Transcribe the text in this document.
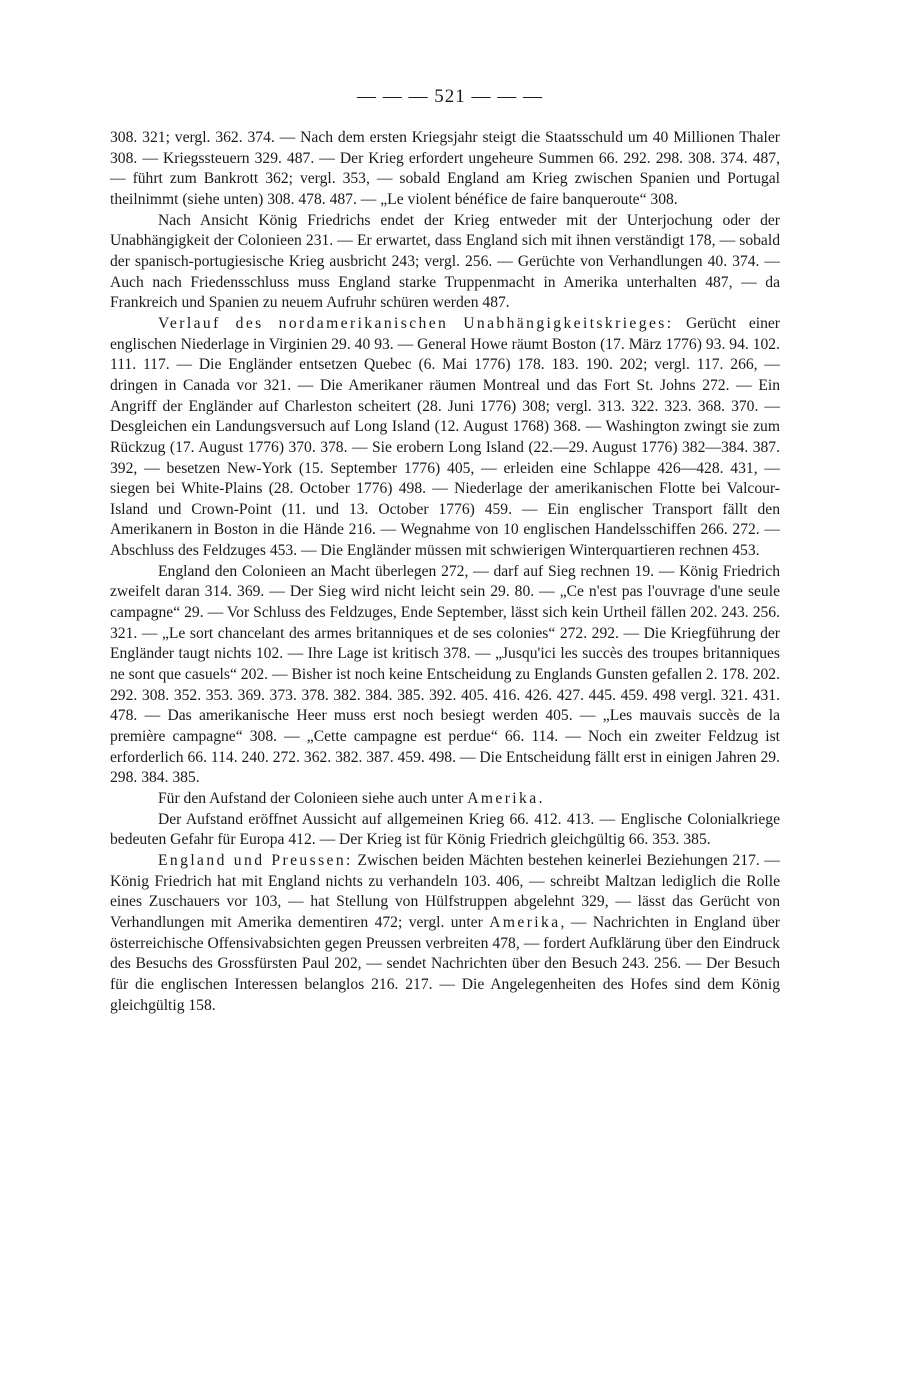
— — — 521 — — —

308. 321; vergl. 362. 374. — Nach dem ersten Kriegsjahr steigt die Staatsschuld um 40 Millionen Thaler 308. — Kriegssteuern 329. 487. — Der Krieg erfordert ungeheure Summen 66. 292. 298. 308. 374. 487, — führt zum Bankrott 362; vergl. 353, — sobald England am Krieg zwischen Spanien und Portugal theilnimmt (siehe unten) 308. 478. 487. — „Le violent bénéfice de faire banqueroute“ 308.

Nach Ansicht König Friedrichs endet der Krieg entweder mit der Unterjochung oder der Unabhängigkeit der Colonieen 231. — Er erwartet, dass England sich mit ihnen verständigt 178, — sobald der spanisch-portugiesische Krieg ausbricht 243; vergl. 256. — Gerüchte von Verhandlungen 40. 374. — Auch nach Friedensschluss muss England starke Truppenmacht in Amerika unterhalten 487, — da Frankreich und Spanien zu neuem Aufruhr schüren werden 487.

Verlauf des nordamerikanischen Unabhängigkeitskrieges: Gerücht einer englischen Niederlage in Virginien 29. 40 93. — General Howe räumt Boston (17. März 1776) 93. 94. 102. 111. 117. — Die Engländer entsetzen Quebec (6. Mai 1776) 178. 183. 190. 202; vergl. 117. 266, — dringen in Canada vor 321. — Die Amerikaner räumen Montreal und das Fort St. Johns 272. — Ein Angriff der Engländer auf Charleston scheitert (28. Juni 1776) 308; vergl. 313. 322. 323. 368. 370. — Desgleichen ein Landungsversuch auf Long Island (12. August 1768) 368. — Washington zwingt sie zum Rückzug (17. August 1776) 370. 378. — Sie erobern Long Island (22.—29. August 1776) 382—384. 387. 392, — besetzen New-York (15. September 1776) 405, — erleiden eine Schlappe 426—428. 431, — siegen bei White-Plains (28. October 1776) 498. — Niederlage der amerikanischen Flotte bei Valcour-Island und Crown-Point (11. und 13. October 1776) 459. — Ein englischer Transport fällt den Amerikanern in Boston in die Hände 216. — Wegnahme von 10 englischen Handelsschiffen 266. 272. — Abschluss des Feldzuges 453. — Die Engländer müssen mit schwierigen Winterquartieren rechnen 453.

England den Colonieen an Macht überlegen 272, — darf auf Sieg rechnen 19. — König Friedrich zweifelt daran 314. 369. — Der Sieg wird nicht leicht sein 29. 80. — „Ce n'est pas l'ouvrage d'une seule campagne“ 29. — Vor Schluss des Feldzuges, Ende September, lässt sich kein Urtheil fällen 202. 243. 256. 321. — „Le sort chancelant des armes britanniques et de ses colonies“ 272. 292. — Die Kriegführung der Engländer taugt nichts 102. — Ihre Lage ist kritisch 378. — „Jusqu'ici les succès des troupes britanniques ne sont que casuels“ 202. — Bisher ist noch keine Entscheidung zu Englands Gunsten gefallen 2. 178. 202. 292. 308. 352. 353. 369. 373. 378. 382. 384. 385. 392. 405. 416. 426. 427. 445. 459. 498 vergl. 321. 431. 478. — Das amerikanische Heer muss erst noch besiegt werden 405. — „Les mauvais succès de la première campagne“ 308. — „Cette campagne est perdue“ 66. 114. — Noch ein zweiter Feldzug ist erforderlich 66. 114. 240. 272. 362. 382. 387. 459. 498. — Die Entscheidung fällt erst in einigen Jahren 29. 298. 384. 385.

Für den Aufstand der Colonieen siehe auch unter Amerika.

Der Aufstand eröffnet Aussicht auf allgemeinen Krieg 66. 412. 413. — Englische Colonialkriege bedeuten Gefahr für Europa 412. — Der Krieg ist für König Friedrich gleichgültig 66. 353. 385.

England und Preussen: Zwischen beiden Mächten bestehen keinerlei Beziehungen 217. — König Friedrich hat mit England nichts zu verhandeln 103. 406, — schreibt Maltzan lediglich die Rolle eines Zuschauers vor 103, — hat Stellung von Hülfstruppen abgelehnt 329, — lässt das Gerücht von Verhandlungen mit Amerika dementiren 472; vergl. unter Amerika, — Nachrichten in England über österreichische Offensivabsichten gegen Preussen verbreiten 478, — fordert Aufklärung über den Eindruck des Besuchs des Grossfürsten Paul 202, — sendet Nachrichten über den Besuch 243. 256. — Der Besuch für die englischen Interessen belanglos 216. 217. — Die Angelegenheiten des Hofes sind dem König gleichgültig 158.
